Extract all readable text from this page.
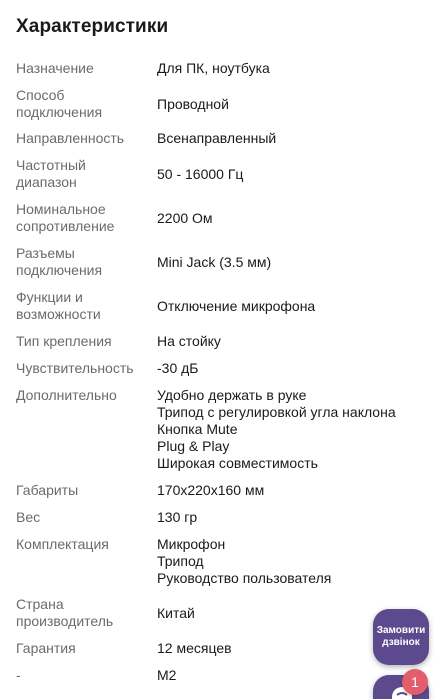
Характеристики
Назначение	Для ПК, ноутбука
Способ
подключения	Проводной
Направленность	Всенаправленный
Частотный
диапазон	50 - 16000 Гц
Номинальное
сопротивление	2200 Ом
Разъемы
подключения	Mini Jack (3.5 мм)
Функции и
возможности	Отключение микрофона
Тип крепления	На стойку
Чувствительность	-30 дБ
Дополнительно	Удобно держать в руке
Трипод с регулировкой угла наклона
Кнопка Mute
Plug & Play
Широкая совместимость
Габариты	170x220x160 мм
Вес	130 гр
Комплектация	Микрофон
Трипод
Руководство пользователя
Страна
производитель	Китай
Гарантия	12 месяцев
-	M2
Замовити
дзвінок
1
